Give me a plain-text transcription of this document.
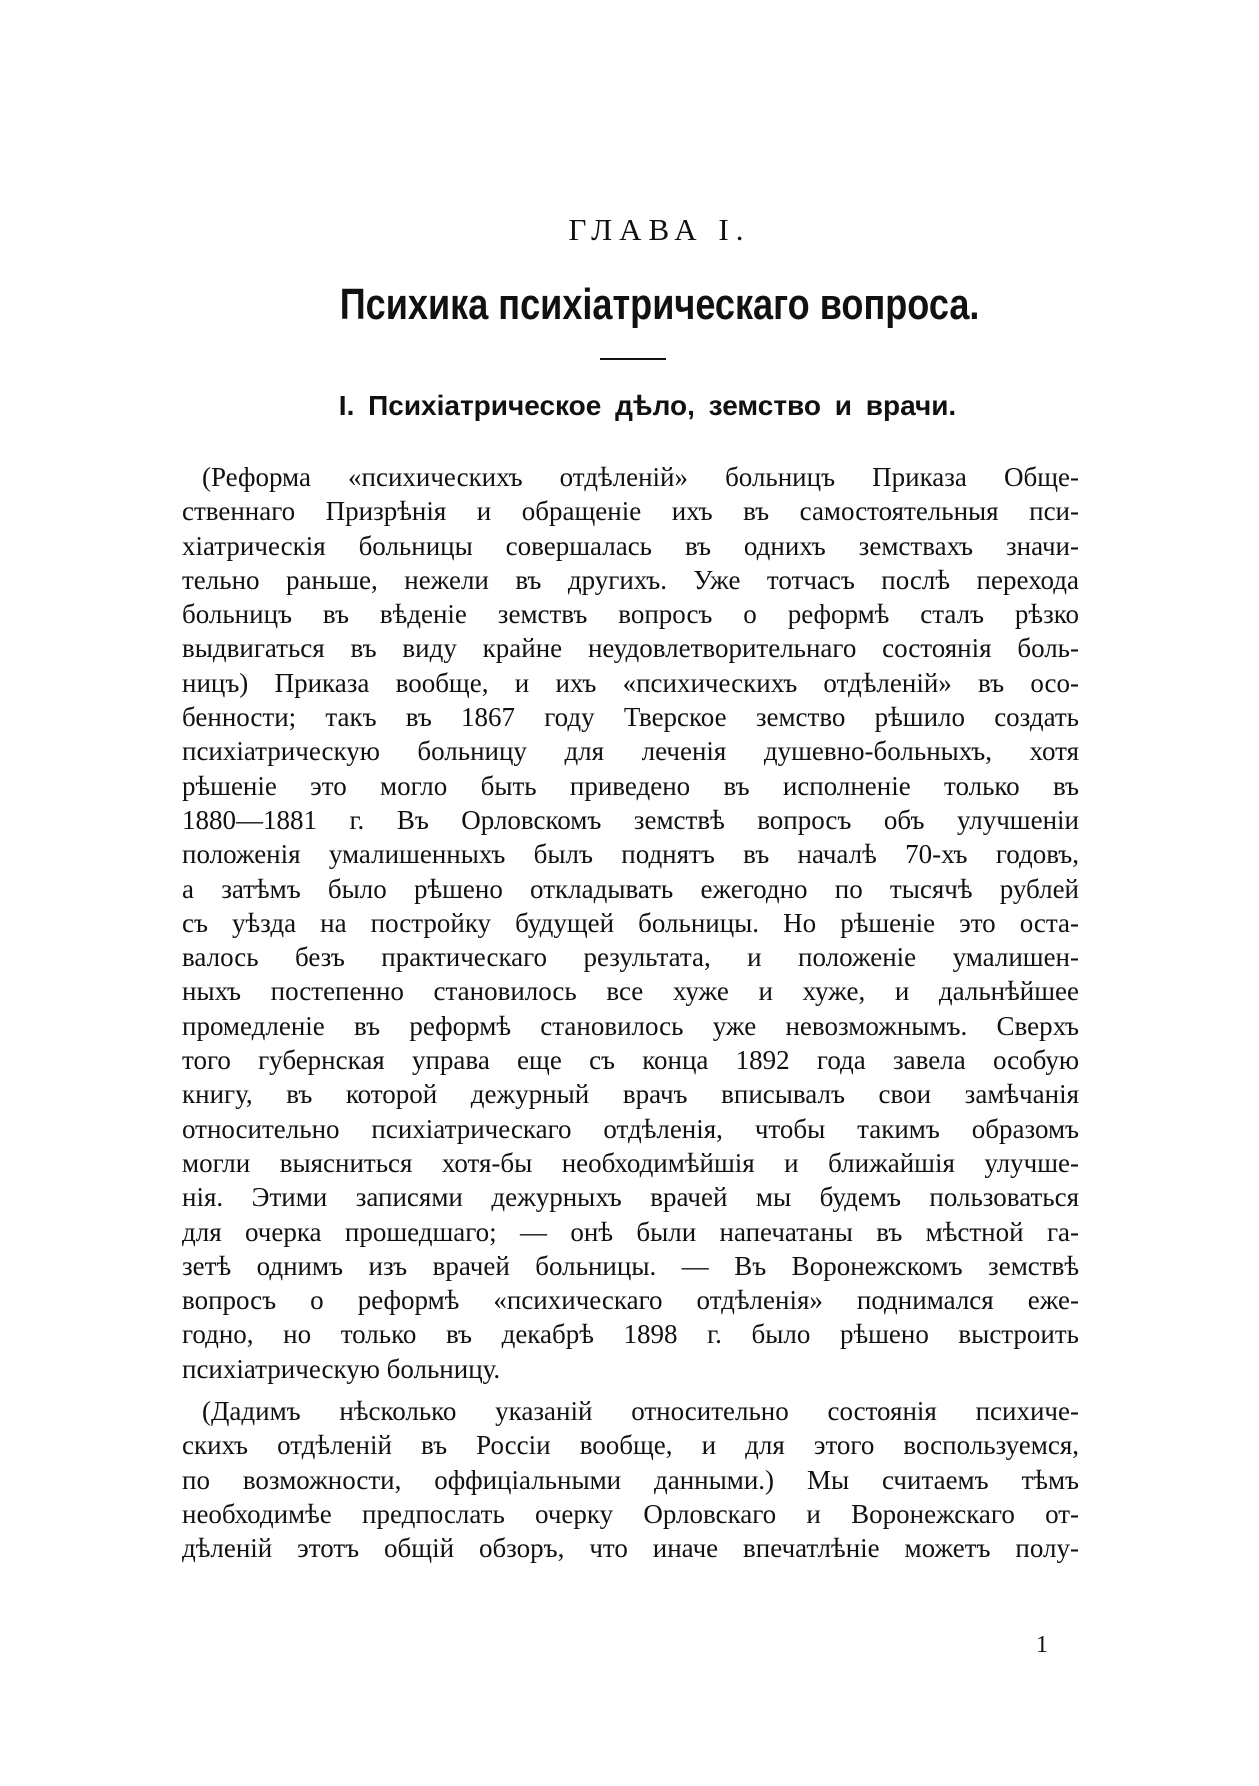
ГЛАВА I.
Психика психіатрическаго вопроса.
I. Психіатрическое дѣло, земство и врачи.
(Реформа «психическихъ отдѣленій» больницъ Приказа Обще-
ственнаго Призрѣнія и обращеніе ихъ въ самостоятельныя пси-
хіатрическія больницы совершалась въ однихъ земствахъ значи-
тельно раньше, нежели въ другихъ. Уже тотчасъ послѣ перехода
больницъ въ вѣденіе земствъ вопросъ о реформѣ сталъ рѣзко
выдвигаться въ виду крайне неудовлетворительнаго состоянія боль-
ницъ) Приказа вообще, и ихъ «психическихъ отдѣленій» въ осо-
бенности; такъ въ 1867 году Тверское земство рѣшило создать
психіатрическую больницу для леченія душевно-больныхъ, хотя
рѣшеніе это могло быть приведено въ исполненіе только въ
1880—1881 г. Въ Орловскомъ земствѣ вопросъ объ улучшеніи
положенія умалишенныхъ былъ поднятъ въ началѣ 70-хъ годовъ,
а затѣмъ было рѣшено откладывать ежегодно по тысячѣ рублей
съ уѣзда на постройку будущей больницы. Но рѣшеніе это оста-
валось безъ практическаго результата, и положеніе умалишен-
ныхъ постепенно становилось все хуже и хуже, и дальнѣйшее
промедленіе въ реформѣ становилось уже невозможнымъ. Сверхъ
того губернская управа еще съ конца 1892 года завела особую
книгу, въ которой дежурный врачъ вписывалъ свои замѣчанія
относительно психіатрическаго отдѣленія, чтобы такимъ образомъ
могли выясниться хотя-бы необходимѣйшія и ближайшія улучше-
нія. Этими записями дежурныхъ врачей мы будемъ пользоваться
для очерка прошедшаго; — онѣ были напечатаны въ мѣстной га-
зетѣ однимъ изъ врачей больницы. — Въ Воронежскомъ земствѣ
вопросъ о реформѣ «психическаго отдѣленія» поднимался еже-
годно, но только въ декабрѣ 1898 г. было рѣшено выстроить
психіатрическую больницу.
(Дадимъ нѣсколько указаній относительно состоянія психиче-
скихъ отдѣленій въ Россіи вообще, и для этого воспользуемся,
по возможности, оффиціальными данными.) Мы считаемъ тѣмъ
необходимѣе предпослать очерку Орловскаго и Воронежскаго от-
дѣленій этотъ общій обзоръ, что иначе впечатлѣніе можетъ полу-
1
